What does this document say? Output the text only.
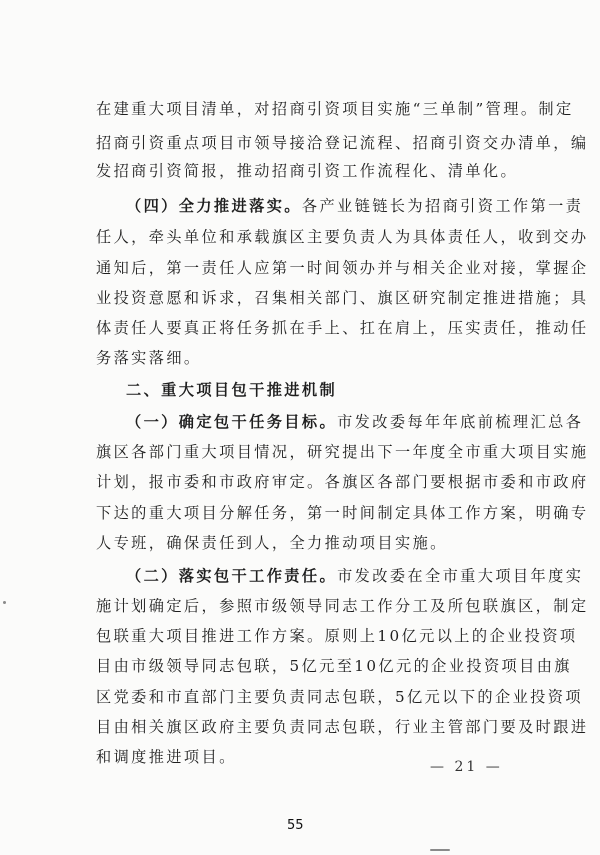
在建重大项目清单，对招商引资项目实施“三单制”管理。制定
招商引资重点项目市领导接洽登记流程、招商引资交办清单，编
发招商引资简报，推动招商引资工作流程化、清单化。
（四）全力推进落实。各产业链链长为招商引资工作第一责
任人，牵头单位和承载旗区主要负责人为具体责任人，收到交办
通知后，第一责任人应第一时间领办并与相关企业对接，掌握企
业投资意愿和诉求，召集相关部门、旗区研究制定推进措施；具
体责任人要真正将任务抓在手上、扛在肩上，压实责任，推动任
务落实落细。
二、重大项目包干推进机制
（一）确定包干任务目标。市发改委每年年底前梳理汇总各
旗区各部门重大项目情况，研究提出下一年度全市重大项目实施
计划，报市委和市政府审定。各旗区各部门要根据市委和市政府
下达的重大项目分解任务，第一时间制定具体工作方案，明确专
人专班，确保责任到人，全力推动项目实施。
（二）落实包干工作责任。市发改委在全市重大项目年度实
施计划确定后，参照市级领导同志工作分工及所包联旗区，制定
包联重大项目推进工作方案。原则上10亿元以上的企业投资项
目由市级领导同志包联，5亿元至10亿元的企业投资项目由旗
区党委和市直部门主要负责同志包联，5亿元以下的企业投资项
目由相关旗区政府主要负责同志包联，行业主管部门要及时跟进
和调度推进项目。
— 21 —
55
